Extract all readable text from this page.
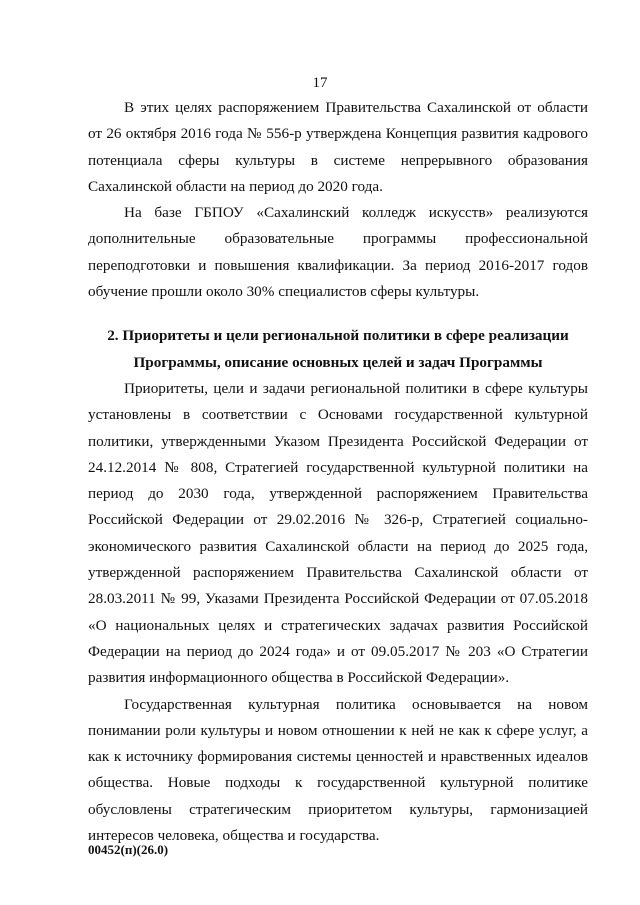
17

В этих целях распоряжением Правительства Сахалинской от области от 26 октября 2016 года № 556-р утверждена Концепция развития кадрового потенциала сферы культуры в системе непрерывного образования Сахалинской области на период до 2020 года.

На базе ГБПОУ «Сахалинский колледж искусств» реализуются дополнительные образовательные программы профессиональной переподготовки и повышения квалификации. За период 2016-2017 годов обучение прошли около 30% специалистов сферы культуры.

2. Приоритеты и цели региональной политики в сфере реализации
Программы, описание основных целей и задач Программы

Приоритеты, цели и задачи региональной политики в сфере культуры установлены в соответствии с Основами государственной культурной политики, утвержденными Указом Президента Российской Федерации от 24.12.2014 № 808, Стратегией государственной культурной политики на период до 2030 года, утвержденной распоряжением Правительства Российской Федерации от 29.02.2016 № 326-р, Стратегией социально-экономического развития Сахалинской области на период до 2025 года, утвержденной распоряжением Правительства Сахалинской области от 28.03.2011 № 99, Указами Президента Российской Федерации от 07.05.2018 «О национальных целях и стратегических задачах развития Российской Федерации на период до 2024 года» и от 09.05.2017 № 203 «О Стратегии развития информационного общества в Российской Федерации».

Государственная культурная политика основывается на новом понимании роли культуры и новом отношении к ней не как к сфере услуг, а как к источнику формирования системы ценностей и нравственных идеалов общества. Новые подходы к государственной культурной политике обусловлены стратегическим приоритетом культуры, гармонизацией интересов человека, общества и государства.

00452(п)(26.0)
